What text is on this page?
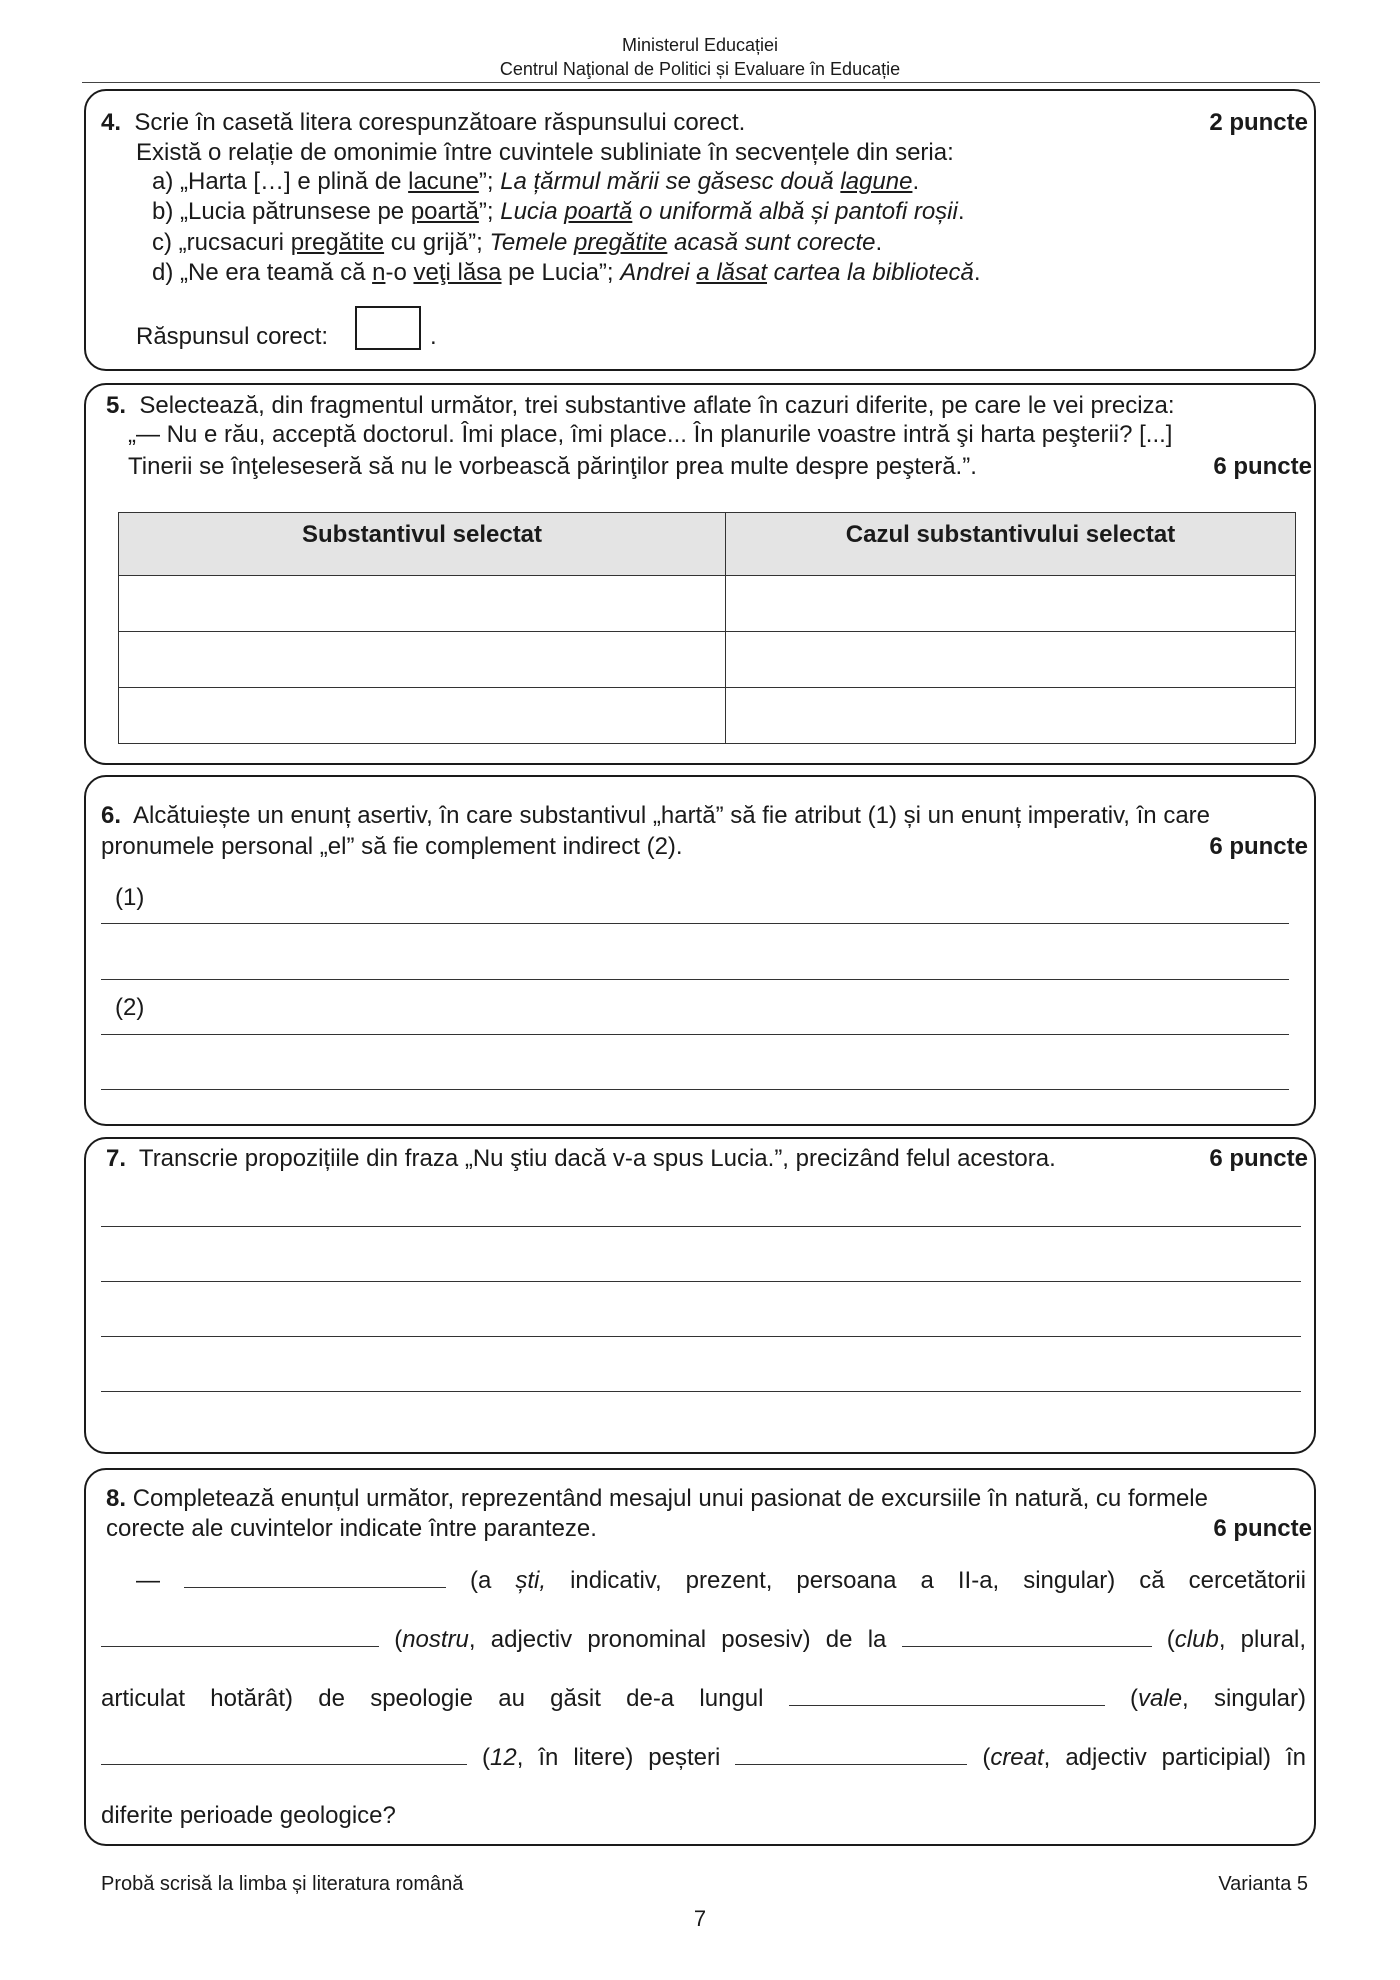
Ministerul Educației
Centrul Naţional de Politici și Evaluare în Educație
4. Scrie în casetă litera corespunzătoare răspunsului corect.	2 puncte
Există o relație de omonimie între cuvintele subliniate în secvențele din seria:
a) „Harta […] e plină de lacune”; La țărmul mării se găsesc două lagune.
b) „Lucia pătrunsese pe poartă”; Lucia poartă o uniformă albă și pantofi roșii.
c) „rucsacuri pregătite cu grijă”; Temele pregătite acasă sunt corecte.
d) „Ne era teamă că n-o veţi lăsa pe Lucia”; Andrei a lăsat cartea la bibliotecă.
Răspunsul corect:	.
5. Selectează, din fragmentul următor, trei substantive aflate în cazuri diferite, pe care le vei preciza:
„— Nu e rău, acceptă doctorul. Îmi place, îmi place... În planurile voastre intră şi harta peşterii? [...]
Tinerii se înţeleseseră să nu le vorbească părinţilor prea multe despre peşteră.”.	6 puncte
Substantivul selectat	Cazul substantivului selectat

6. Alcătuiește un enunț asertiv, în care substantivul „hartă” să fie atribut (1) și un enunț imperativ, în care
pronumele personal „el” să fie complement indirect (2).	6 puncte
(1)
(2)
7. Transcrie propozițiile din fraza „Nu ştiu dacă v-a spus Lucia.”, precizând felul acestora.	6 puncte
8. Completează enunțul următor, reprezentând mesajul unui pasionat de excursiile în natură, cu formele
corecte ale cuvintelor indicate între paranteze.	6 puncte
—	(a ști, indicativ, prezent, persoana a II-a, singular) că cercetătorii
(nostru, adjectiv pronominal posesiv) de la	(club, plural,
articulat hotărât) de speologie au găsit de-a lungul	(vale, singular)
(12, în litere) peșteri	(creat, adjectiv participial) în
diferite perioade geologice?
Probă scrisă la limba și literatura română	Varianta 5
7
